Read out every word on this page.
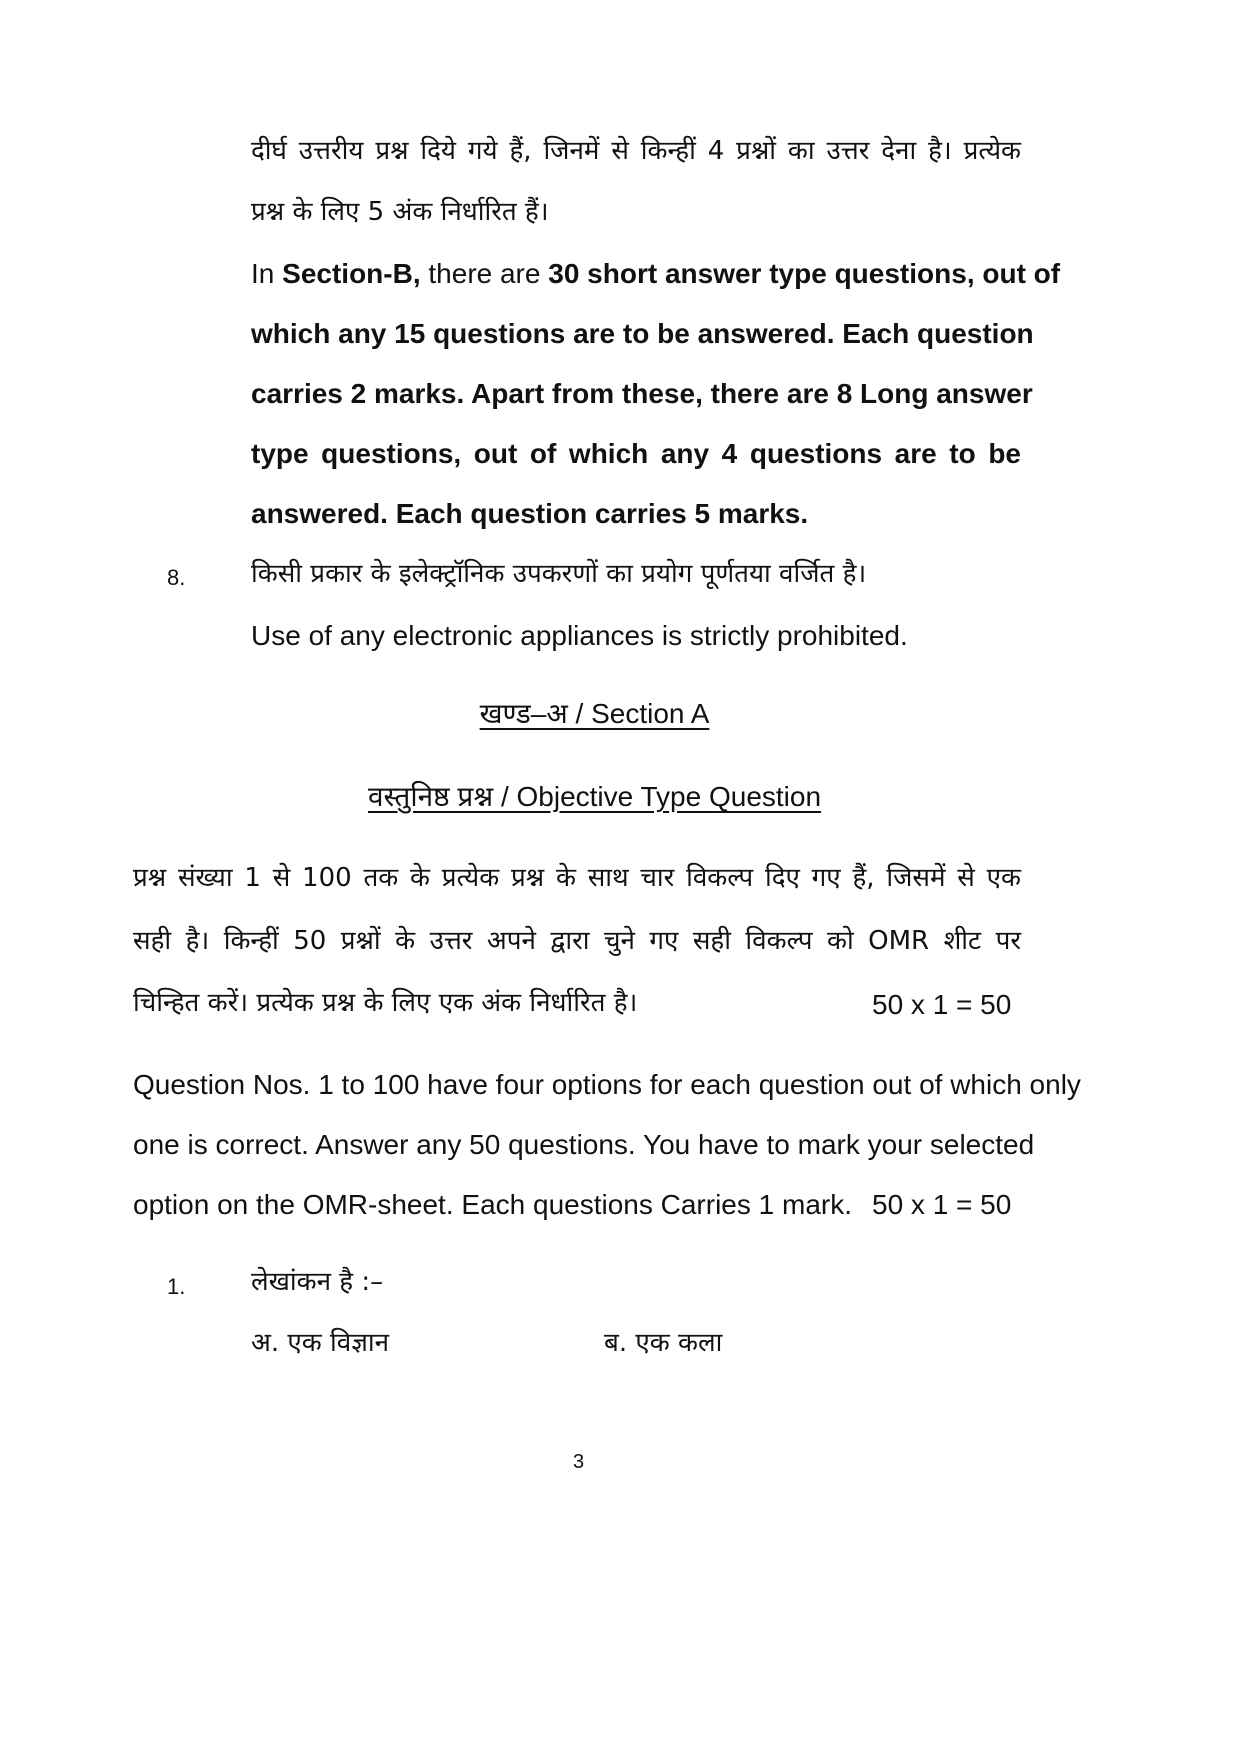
दीर्घ उत्तरीय प्रश्न दिये गये हैं, जिनमें से किन्हीं 4 प्रश्नों का उत्तर देना है। प्रत्येक
प्रश्न के लिए 5 अंक निर्धारित हैं।
In Section-B, there are 30 short answer type questions, out of
which any 15 questions are to be answered. Each question
carries 2 marks. Apart from these, there are 8 Long answer
type questions, out of which any 4 questions are to be
answered. Each question carries 5 marks.
8.	किसी प्रकार के इलेक्ट्रॉनिक उपकरणों का प्रयोग पूर्णतया वर्जित है।
Use of any electronic appliances is strictly prohibited.
खण्ड–अ / Section A
वस्तुनिष्ठ प्रश्न / Objective Type Question
प्रश्न संख्या 1 से 100 तक के प्रत्येक प्रश्न के साथ चार विकल्प दिए गए हैं, जिसमें से एक
सही है। किन्हीं 50 प्रश्नों के उत्तर अपने द्वारा चुने गए सही विकल्प को OMR शीट पर
चिन्हित करें। प्रत्येक प्रश्न के लिए एक अंक निर्धारित है।	50 x 1 = 50
Question Nos. 1 to 100 have four options for each question out of which only
one is correct. Answer any 50 questions. You have to mark your selected
option on the OMR-sheet. Each questions Carries 1 mark. 50 x 1 = 50
1.	लेखांकन है :–
अ. एक विज्ञान	ब. एक कला
3
